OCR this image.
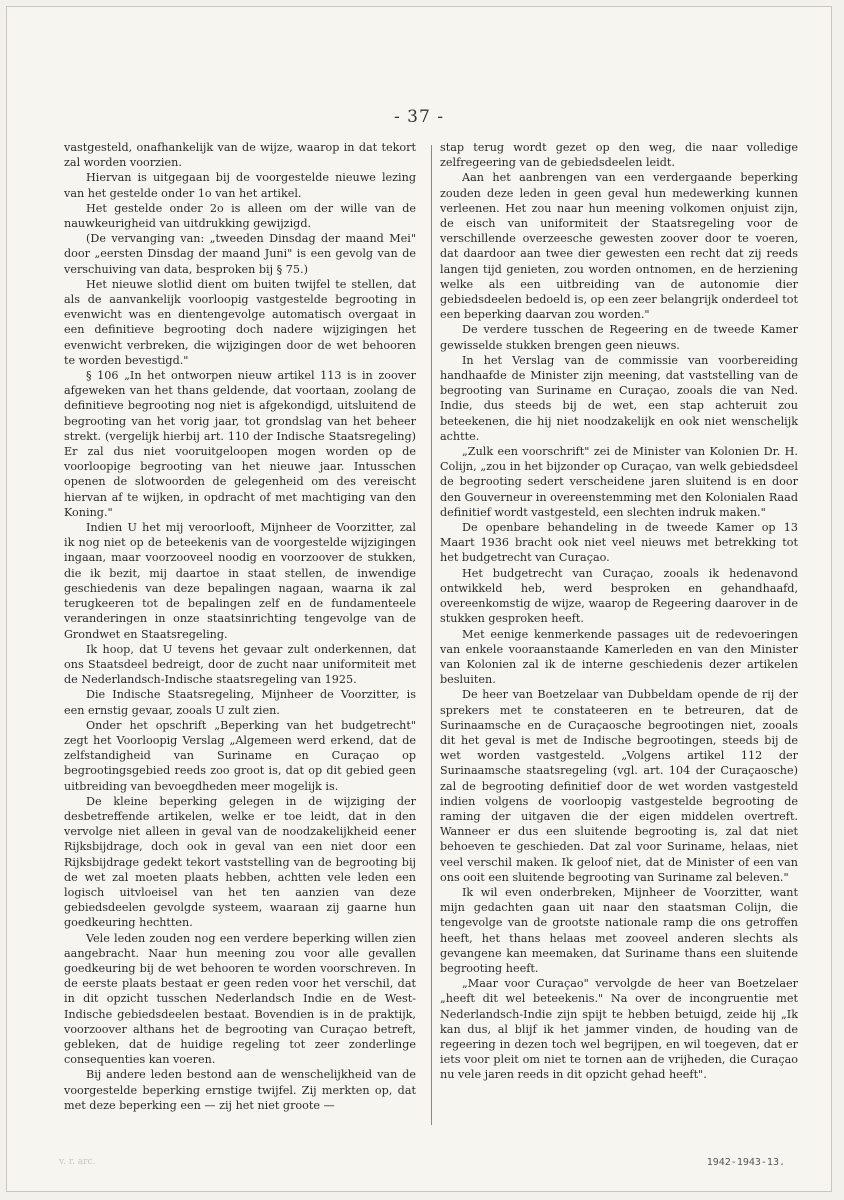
- 37 -

vastgesteld, onafhankelijk van de wijze, waarop in dat tekort zal worden voorzien.

Hiervan is uitgegaan bij de voorgestelde nieuwe lezing van het gestelde onder 1o van het artikel.

Het gestelde onder 2o is alleen om der wille van de nauwkeurigheid van uitdrukking gewijzigd.

(De vervanging van: „tweeden Dinsdag der maand Mei" door „eersten Dinsdag der maand Juni" is een gevolg van de verschuiving van data, besproken bij § 75.)

Het nieuwe slotlid dient om buiten twijfel te stellen, dat als de aanvankelijk voorloopig vastgestelde begrooting in evenwicht was en dientengevolge automatisch overgaat in een definitieve begrooting doch nadere wijzigingen het evenwicht verbreken, die wijzigingen door de wet behooren te worden bevestigd."

§ 106 „In het ontworpen nieuw artikel 113 is in zoover afgeweken van het thans geldende, dat voortaan, zoolang de definitieve begrooting nog niet is afgekondigd, uitsluitend de begrooting van het vorig jaar, tot grondslag van het beheer strekt. (vergelijk hierbij art. 110 der Indische Staatsregeling) Er zal dus niet vooruitgeloopen mogen worden op de voorloopige begrooting van het nieuwe jaar. Intusschen openen de slotwoorden de gelegenheid om des vereischt hiervan af te wijken, in opdracht of met machtiging van den Koning."

Indien U het mij veroorlooft, Mijnheer de Voorzitter, zal ik nog niet op de beteekenis van de voorgestelde wijzigingen ingaan, maar voorzooveel noodig en voorzoover de stukken, die ik bezit, mij daartoe in staat stellen, de inwendige geschiedenis van deze bepalingen nagaan, waarna ik zal terugkeeren tot de bepalingen zelf en de fundamenteele veranderingen in onze staatsinrichting tengevolge van de Grondwet en Staatsregeling.

Ik hoop, dat U tevens het gevaar zult onderkennen, dat ons Staatsdeel bedreigt, door de zucht naar uniformiteit met de Nederlandsch-Indische staatsregeling van 1925.

Die Indische Staatsregeling, Mijnheer de Voorzitter, is een ernstig gevaar, zooals U zult zien.

Onder het opschrift „Beperking van het budgetrecht" zegt het Voorloopig Verslag „Algemeen werd erkend, dat de zelfstandigheid van Suriname en Curaçao op begrootingsgebied reeds zoo groot is, dat op dit gebied geen uitbreiding van bevoegdheden meer mogelijk is.

De kleine beperking gelegen in de wijziging der desbetreffende artikelen, welke er toe leidt, dat in den vervolge niet alleen in geval van de noodzakelijkheid eener Rijksbijdrage, doch ook in geval van een niet door een Rijksbijdrage gedekt tekort vaststelling van de begrooting bij de wet zal moeten plaats hebben, achtten vele leden een logisch uitvloeisel van het ten aanzien van deze gebiedsdeelen gevolgde systeem, waaraan zij gaarne hun goedkeuring hechtten.

Vele leden zouden nog een verdere beperking willen zien aangebracht. Naar hun meening zou voor alle gevallen goedkeuring bij de wet behooren te worden voorschreven. In de eerste plaats bestaat er geen reden voor het verschil, dat in dit opzicht tusschen Nederlandsch Indie en de West-Indische gebiedsdeelen bestaat. Bovendien is in de praktijk, voorzoover althans het de begrooting van Curaçao betreft, gebleken, dat de huidige regeling tot zeer zonderlinge consequenties kan voeren.

Bij andere leden bestond aan de wenschelijkheid van de voorgestelde beperking ernstige twijfel. Zij merkten op, dat met deze beperking een — zij het niet groote —

stap terug wordt gezet op den weg, die naar volledige zelfregeering van de gebiedsdeelen leidt.

Aan het aanbrengen van een verdergaande beperking zouden deze leden in geen geval hun medewerking kunnen verleenen. Het zou naar hun meening volkomen onjuist zijn, de eisch van uniformiteit der Staatsregeling voor de verschillende overzeesche gewesten zoover door te voeren, dat daardoor aan twee dier gewesten een recht dat zij reeds langen tijd genieten, zou worden ontnomen, en de herziening welke als een uitbreiding van de autonomie dier gebiedsdeelen bedoeld is, op een zeer belangrijk onderdeel tot een beperking daarvan zou worden."

De verdere tusschen de Regeering en de tweede Kamer gewisselde stukken brengen geen nieuws.

In het Verslag van de commissie van voorbereiding handhaafde de Minister zijn meening, dat vaststelling van de begrooting van Suriname en Curaçao, zooals die van Ned. Indie, dus steeds bij de wet, een stap achteruit zou beteekenen, die hij niet noodzakelijk en ook niet wenschelijk achtte.

„Zulk een voorschrift" zei de Minister van Kolonien Dr. H. Colijn, „zou in het bijzonder op Curaçao, van welk gebiedsdeel de begrooting sedert verscheidene jaren sluitend is en door den Gouverneur in overeenstemming met den Kolonialen Raad definitief wordt vastgesteld, een slechten indruk maken."

De openbare behandeling in de tweede Kamer op 13 Maart 1936 bracht ook niet veel nieuws met betrekking tot het budgetrecht van Curaçao.

Het budgetrecht van Curaçao, zooals ik hedenavond ontwikkeld heb, werd besproken en gehandhaafd, overeenkomstig de wijze, waarop de Regeering daarover in de stukken gesproken heeft.

Met eenige kenmerkende passages uit de redevoeringen van enkele vooraanstaande Kamerleden en van den Minister van Kolonien zal ik de interne geschiedenis dezer artikelen besluiten.

De heer van Boetzelaar van Dubbeldam opende de rij der sprekers met te constateeren en te betreuren, dat de Surinaamsche en de Curaçaosche begrootingen niet, zooals dit het geval is met de Indische begrootingen, steeds bij de wet worden vastgesteld. „Volgens artikel 112 der Surinaamsche staatsregeling (vgl. art. 104 der Curaçaosche) zal de begrooting definitief door de wet worden vastgesteld indien volgens de voorloopig vastgestelde begrooting de raming der uitgaven die der eigen middelen overtreft. Wanneer er dus een sluitende begrooting is, zal dat niet behoeven te geschieden. Dat zal voor Suriname, helaas, niet veel verschil maken. Ik geloof niet, dat de Minister of een van ons ooit een sluitende begrooting van Suriname zal beleven."

Ik wil even onderbreken, Mijnheer de Voorzitter, want mijn gedachten gaan uit naar den staatsman Colijn, die tengevolge van de grootste nationale ramp die ons getroffen heeft, het thans helaas met zooveel anderen slechts als gevangene kan meemaken, dat Suriname thans een sluitende begrooting heeft.

„Maar voor Curaçao" vervolgde de heer van Boetzelaer „heeft dit wel beteekenis." Na over de incongruentie met Nederlandsch-Indie zijn spijt te hebben betuigd, zeide hij „Ik kan dus, al blijf ik het jammer vinden, de houding van de regeering in dezen toch wel begrijpen, en wil toegeven, dat er iets voor pleit om niet te tornen aan de vrijheden, die Curaçao nu vele jaren reeds in dit opzicht gehad heeft".

v. r. arc.	1942-1943-13.
